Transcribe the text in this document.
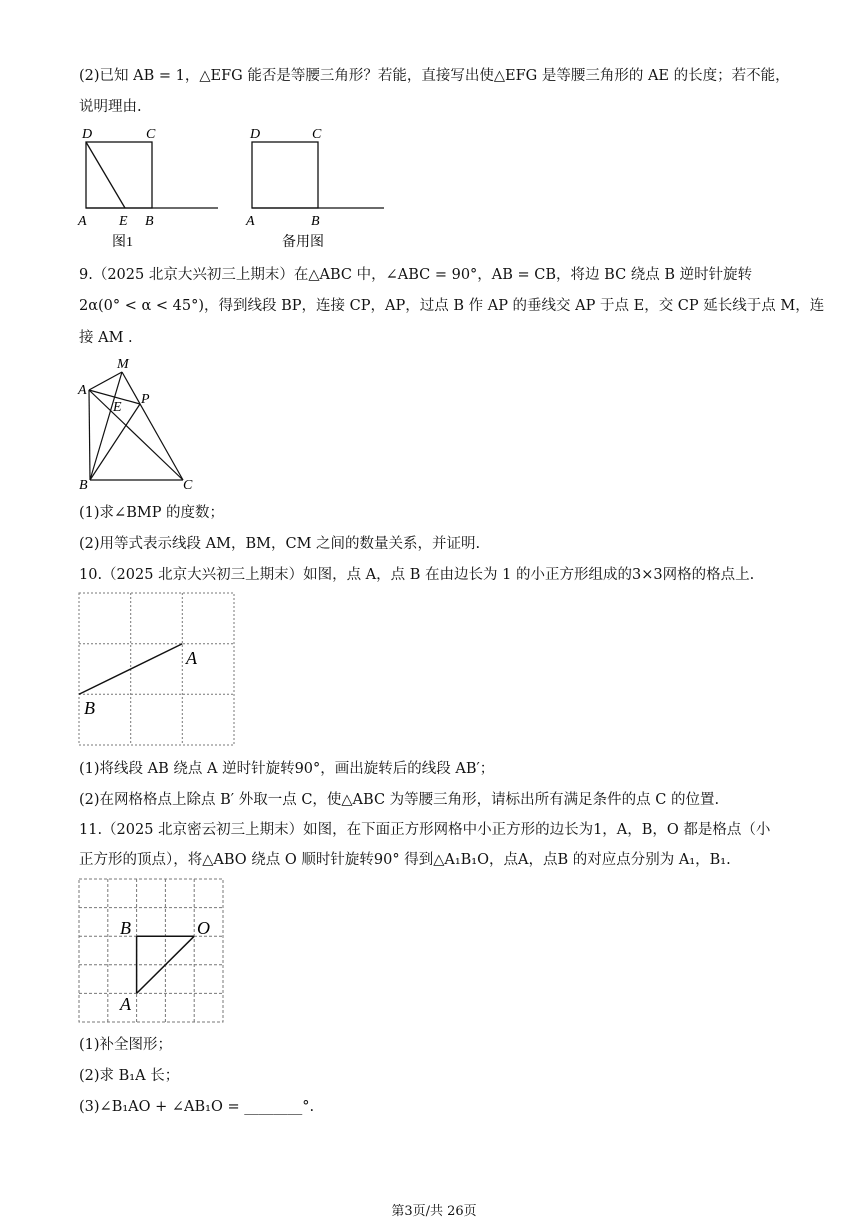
(2)已知 AB = 1，△EFG 能否是等腰三角形？若能，直接写出使△EFG 是等腰三角形的 AE 的长度；若不能，
说明理由.
D	C
A E B
图1
D	C
A	B
备用图
9.（2025 北京大兴初三上期末）在△ABC 中，∠ABC = 90°，AB = CB，将边 BC 绕点 B 逆时针旋转
2α(0° < α < 45°)，得到线段 BP，连接 CP，AP，过点 B 作 AP 的垂线交 AP 于点 E，交 CP 延长线于点 M，连
接 AM .
M
A
E
P
B	C
(1)求∠BMP 的度数；
(2)用等式表示线段 AM，BM，CM 之间的数量关系，并证明.
10.（2025 北京大兴初三上期末）如图，点 A，点 B 在由边长为 1 的小正方形组成的3×3网格的格点上.
A
B
(1)将线段 AB 绕点 A 逆时针旋转90°，画出旋转后的线段 AB′；
(2)在网格格点上除点 B′ 外取一点 C，使△ABC 为等腰三角形，请标出所有满足条件的点 C 的位置.
11.（2025 北京密云初三上期末）如图，在下面正方形网格中小正方形的边长为1，A，B，O 都是格点（小
正方形的顶点），将△ABO 绕点 O 顺时针旋转90° 得到△A₁B₁O，点A，点B 的对应点分别为 A₁，B₁.
B	O
A
(1)补全图形；
(2)求 B₁A 长；
(3)∠B₁AO + ∠AB₁O = ________°.
第3页/共 26页
